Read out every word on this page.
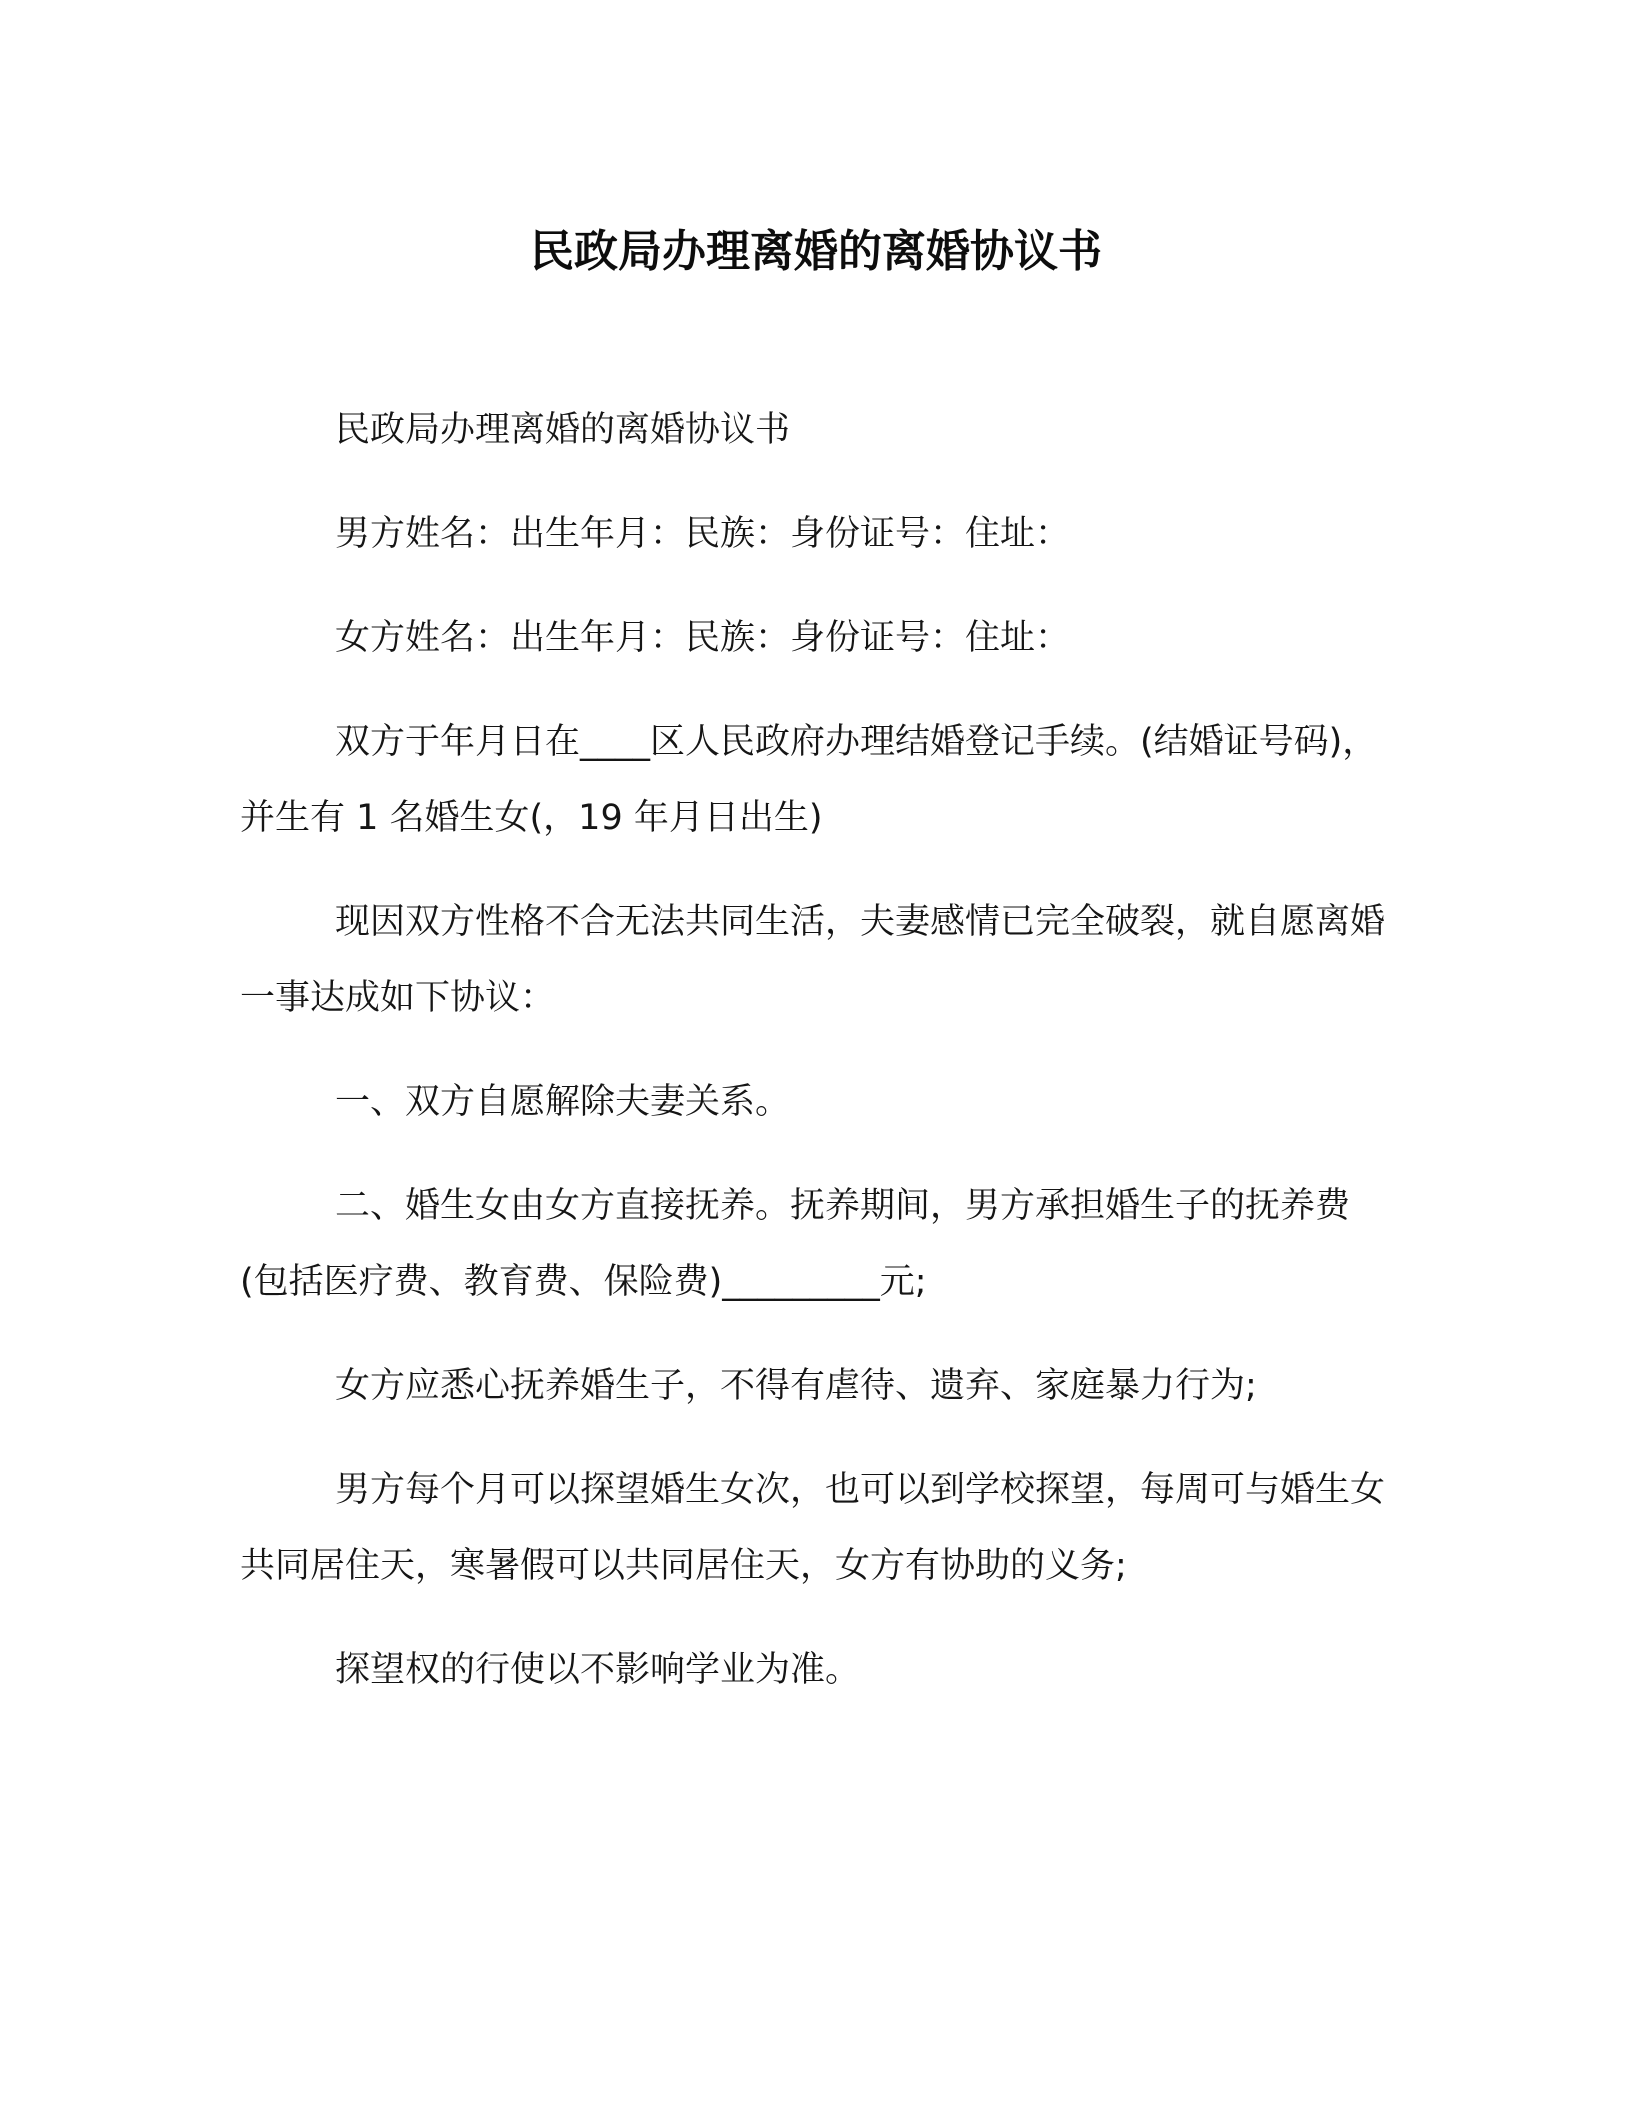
民政局办理离婚的离婚协议书

民政局办理离婚的离婚协议书

男方姓名：出生年月：民族：身份证号：住址：

女方姓名：出生年月：民族：身份证号：住址：

双方于年月日在____区人民政府办理结婚登记手续。(结婚证号码)，并生有 1 名婚生女(，19 年月日出生)

现因双方性格不合无法共同生活，夫妻感情已完全破裂，就自愿离婚一事达成如下协议：

一、双方自愿解除夫妻关系。

二、婚生女由女方直接抚养。抚养期间，男方承担婚生子的抚养费(包括医疗费、教育费、保险费)_________元;

女方应悉心抚养婚生子，不得有虐待、遗弃、家庭暴力行为;

男方每个月可以探望婚生女次，也可以到学校探望，每周可与婚生女共同居住天，寒暑假可以共同居住天，女方有协助的义务;

探望权的行使以不影响学业为准。
